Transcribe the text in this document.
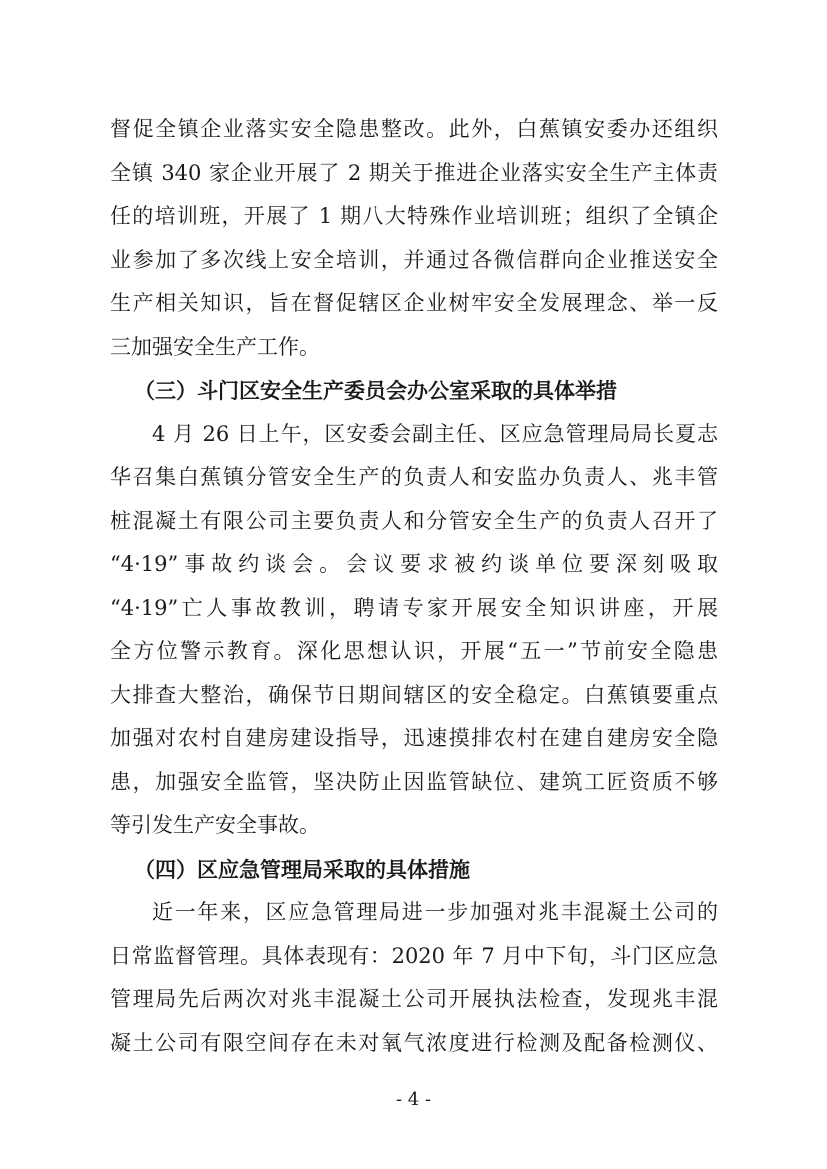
督促全镇企业落实安全隐患整改。此外，白蕉镇安委办还组织
全镇 340 家企业开展了 2 期关于推进企业落实安全生产主体责
任的培训班，开展了 1 期八大特殊作业培训班；组织了全镇企
业参加了多次线上安全培训，并通过各微信群向企业推送安全
生产相关知识，旨在督促辖区企业树牢安全发展理念、举一反
三加强安全生产工作。
（三）斗门区安全生产委员会办公室采取的具体举措
4 月 26 日上午，区安委会副主任、区应急管理局局长夏志
华召集白蕉镇分管安全生产的负责人和安监办负责人、兆丰管
桩混凝土有限公司主要负责人和分管安全生产的负责人召开了
“4·19”事故约谈会。会议要求被约谈单位要深刻吸取
“4·19”亡人事故教训，聘请专家开展安全知识讲座，开展
全方位警示教育。深化思想认识，开展“五一”节前安全隐患
大排查大整治，确保节日期间辖区的安全稳定。白蕉镇要重点
加强对农村自建房建设指导，迅速摸排农村在建自建房安全隐
患，加强安全监管，坚决防止因监管缺位、建筑工匠资质不够
等引发生产安全事故。
（四）区应急管理局采取的具体措施
近一年来，区应急管理局进一步加强对兆丰混凝土公司的
日常监督管理。具体表现有：2020 年 7 月中下旬，斗门区应急
管理局先后两次对兆丰混凝土公司开展执法检查，发现兆丰混
凝土公司有限空间存在未对氧气浓度进行检测及配备检测仪、
- 4 -
